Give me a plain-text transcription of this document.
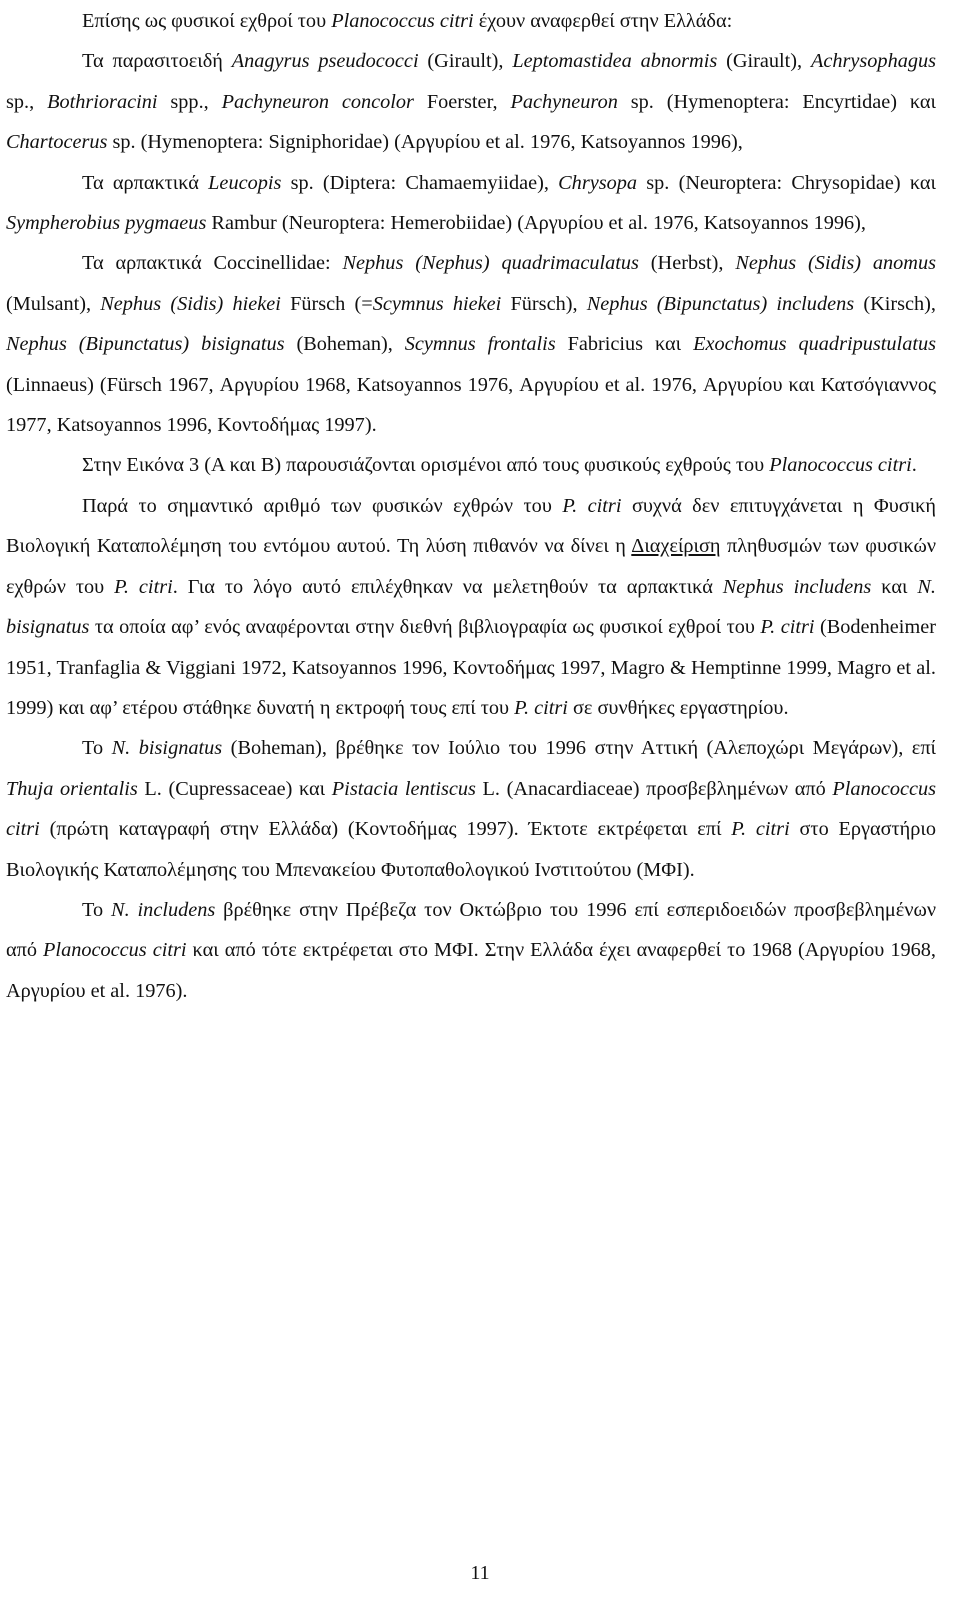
Επίσης ως φυσικοί εχθροί του Planococcus citri έχουν αναφερθεί στην Ελλάδα:

Τα παρασιτοειδή Anagyrus pseudococci (Girault), Leptomastidea abnormis (Girault), Achrysophagus sp., Bothrioracini spp., Pachyneuron concolor Foerster, Pachyneuron sp. (Hymenoptera: Encyrtidae) και Chartocerus sp. (Hymenoptera: Signiphoridae) (Αργυρίου et al. 1976, Katsoyannos 1996),

Τα αρπακτικά Leucopis sp. (Diptera: Chamaemyiidae), Chrysopa sp. (Neuroptera: Chrysopidae) και Sympherobius pygmaeus Rambur (Neuroptera: Hemerobiidae) (Αργυρίου et al. 1976, Katsoyannos 1996),

Τα αρπακτικά Coccinellidae: Nephus (Nephus) quadrimaculatus (Herbst), Nephus (Sidis) anomus (Mulsant), Nephus (Sidis) hiekei Fürsch (=Scymnus hiekei Fürsch), Nephus (Bipunctatus) includens (Kirsch), Nephus (Bipunctatus) bisignatus (Boheman), Scymnus frontalis Fabricius και Exochomus quadripustulatus (Linnaeus) (Fürsch 1967, Αργυρίου 1968, Katsoyannos 1976, Αργυρίου et al. 1976, Αργυρίου και Κατσόγιαννος 1977, Katsoyannos 1996, Κοντοδήμας 1997).

Στην Εικόνα 3 (Α και Β) παρουσιάζονται ορισμένοι από τους φυσικούς εχθρούς του Planococcus citri.

Παρά το σημαντικό αριθμό των φυσικών εχθρών του P. citri συχνά δεν επιτυγχάνεται η Φυσική Βιολογική Καταπολέμηση του εντόμου αυτού. Τη λύση πιθανόν να δίνει η Διαχείριση πληθυσμών των φυσικών εχθρών του P. citri. Για το λόγο αυτό επιλέχθηκαν να μελετηθούν τα αρπακτικά Nephus includens και N. bisignatus τα οποία αφ’ ενός αναφέρονται στην διεθνή βιβλιογραφία ως φυσικοί εχθροί του P. citri (Bodenheimer 1951, Tranfaglia & Viggiani 1972, Katsoyannos 1996, Κοντοδήμας 1997, Magro & Hemptinne 1999, Magro et al. 1999) και αφ’ ετέρου στάθηκε δυνατή η εκτροφή τους επί του P. citri σε συνθήκες εργαστηρίου.

Το N. bisignatus (Boheman), βρέθηκε τον Ιούλιο του 1996 στην Αττική (Αλεποχώρι Μεγάρων), επί Thuja orientalis L. (Cupressaceae) και Pistacia lentiscus L. (Anacardiaceae) προσβεβλημένων από Planococcus citri (πρώτη καταγραφή στην Ελλάδα) (Κοντοδήμας 1997). Έκτοτε εκτρέφεται επί P. citri στο Εργαστήριο Βιολογικής Καταπολέμησης του Μπενακείου Φυτοπαθολογικού Ινστιτούτου (ΜΦΙ).

Το N. includens βρέθηκε στην Πρέβεζα τον Οκτώβριο του 1996 επί εσπεριδοειδών προσβεβλημένων από Planococcus citri και από τότε εκτρέφεται στο ΜΦΙ. Στην Ελλάδα έχει αναφερθεί το 1968 (Αργυρίου 1968, Αργυρίου et al. 1976).

11
